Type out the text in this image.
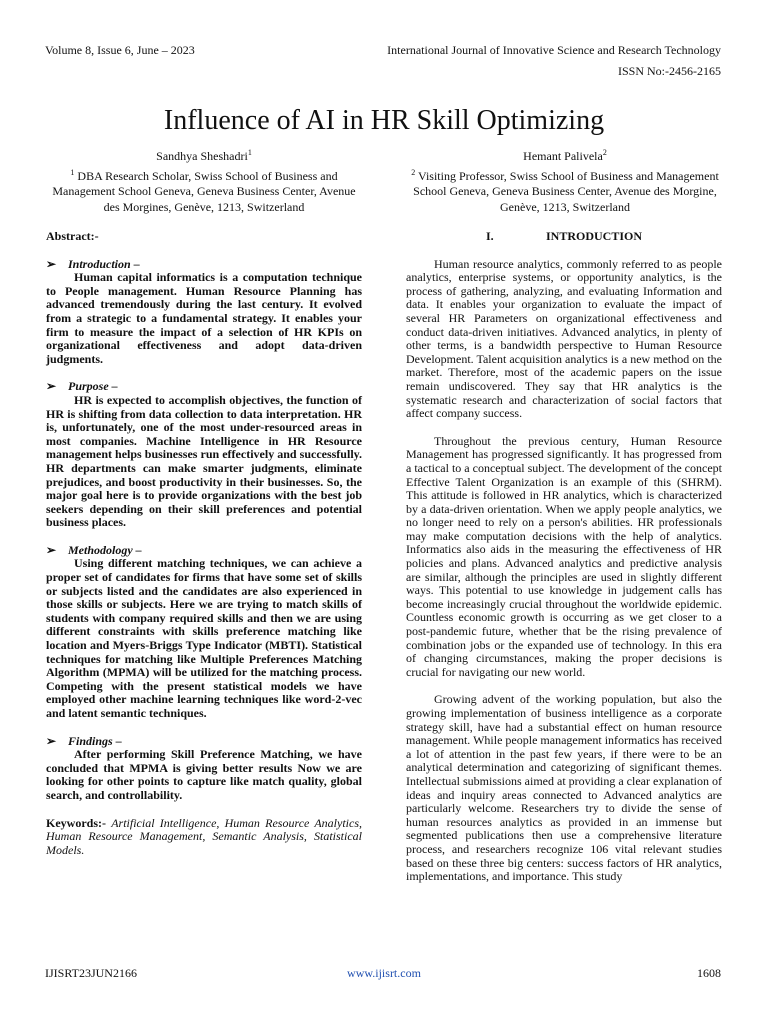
Volume 8, Issue 6, June – 2023	International Journal of Innovative Science and Research Technology
ISSN No:-2456-2165
Influence of AI in HR Skill Optimizing
Sandhya Sheshadri$^1$
$^1$ DBA Research Scholar, Swiss School of Business and Management School Geneva, Geneva Business Center, Avenue des Morgines, Genève, 1213, Switzerland
Hemant Palivela$^2$
$^2$ Visiting Professor, Swiss School of Business and Management School Geneva, Geneva Business Center, Avenue des Morgine, Genève, 1213, Switzerland

Abstract:-

➢ Introduction –

Human capital informatics is a computation technique to People management. Human Resource Planning has advanced tremendously during the last century. It evolved from a strategic to a fundamental strategy. It enables your firm to measure the impact of a selection of HR KPIs on organizational effectiveness and adopt data-driven judgments.

➢ Purpose –

HR is expected to accomplish objectives, the function of HR is shifting from data collection to data interpretation. HR is, unfortunately, one of the most under-resourced areas in most companies. Machine Intelligence in HR Resource management helps businesses run effectively and successfully. HR departments can make smarter judgments, eliminate prejudices, and boost productivity in their businesses. So, the major goal here is to provide organizations with the best job seekers depending on their skill preferences and potential business places.

➢ Methodology –

Using different matching techniques, we can achieve a proper set of candidates for firms that have some set of skills or subjects listed and the candidates are also experienced in those skills or subjects. Here we are trying to match skills of students with company required skills and then we are using different constraints with skills preference matching like location and Myers-Briggs Type Indicator (MBTI). Statistical techniques for matching like Multiple Preferences Matching Algorithm (MPMA) will be utilized for the matching process. Competing with the present statistical models we have employed other machine learning techniques like word-2-vec and latent semantic techniques.

➢ Findings –

After performing Skill Preference Matching, we have concluded that MPMA is giving better results Now we are looking for other points to capture like match quality, global search, and controllability.

Keywords:- Artificial Intelligence, Human Resource Analytics, Human Resource Management, Semantic Analysis, Statistical Models.

I.	INTRODUCTION

Human resource analytics, commonly referred to as people analytics, enterprise systems, or opportunity analytics, is the process of gathering, analyzing, and evaluating Information and data. It enables your organization to evaluate the impact of several HR Parameters on organizational effectiveness and conduct data-driven initiatives. Advanced analytics, in plenty of other terms, is a bandwidth perspective to Human Resource Development. Talent acquisition analytics is a new method on the market. Therefore, most of the academic papers on the issue remain undiscovered. They say that HR analytics is the systematic research and characterization of social factors that affect company success.

Throughout the previous century, Human Resource Management has progressed significantly. It has progressed from a tactical to a conceptual subject. The development of the concept Effective Talent Organization is an example of this (SHRM). This attitude is followed in HR analytics, which is characterized by a data-driven orientation. When we apply people analytics, we no longer need to rely on a person's abilities. HR professionals may make computation decisions with the help of analytics. Informatics also aids in the measuring the effectiveness of HR policies and plans. Advanced analytics and predictive analysis are similar, although the principles are used in slightly different ways. This potential to use knowledge in judgement calls has become increasingly crucial throughout the worldwide epidemic. Countless economic growth is occurring as we get closer to a post-pandemic future, whether that be the rising prevalence of combination jobs or the expanded use of technology. In this era of changing circumstances, making the proper decisions is crucial for navigating our new world.

Growing advent of the working population, but also the growing implementation of business intelligence as a corporate strategy skill, have had a substantial effect on human resource management. While people management informatics has received a lot of attention in the past few years, if there were to be an analytical determination and categorizing of significant themes. Intellectual submissions aimed at providing a clear explanation of ideas and inquiry areas connected to Advanced analytics are particularly welcome. Researchers try to divide the sense of human resources analytics as provided in an immense but segmented publications then use a comprehensive literature process, and researchers recognize 106 vital relevant studies based on these three big centers: success factors of HR analytics, implementations, and importance. This study

IJISRT23JUN2166	www.ijisrt.com	1608
